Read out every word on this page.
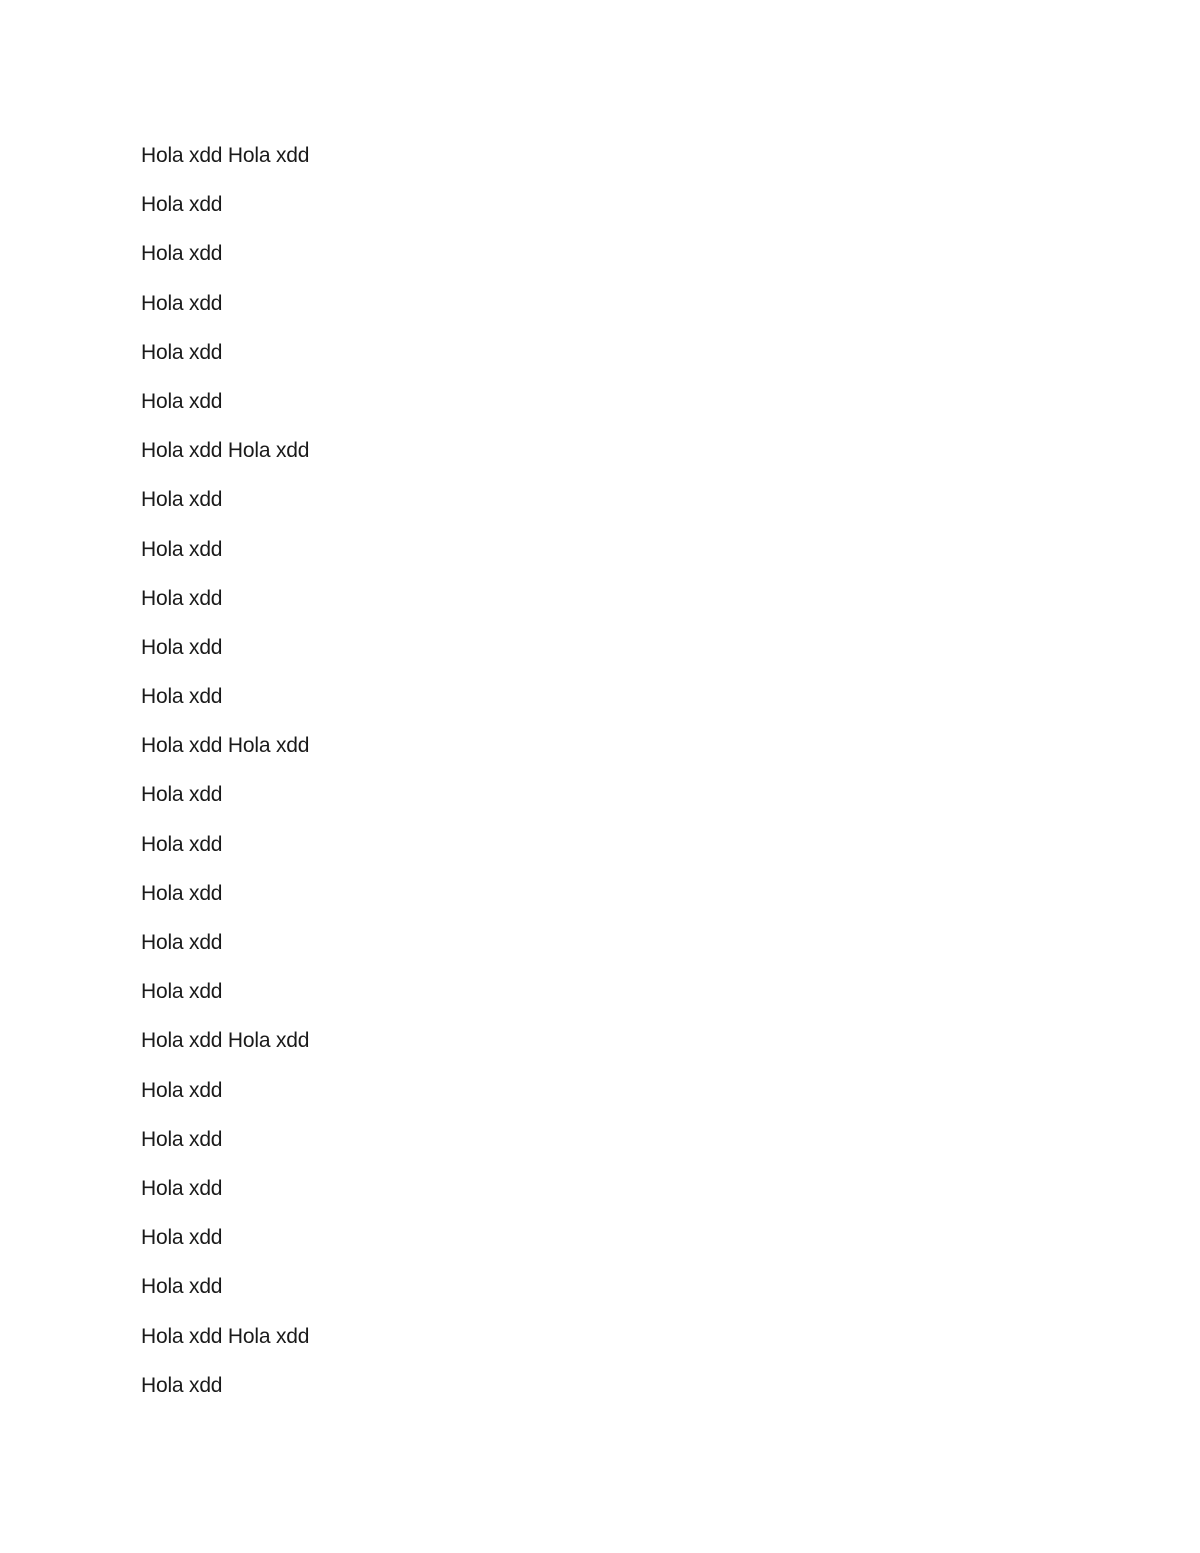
Hola xdd Hola xdd
Hola xdd
Hola xdd
Hola xdd
Hola xdd
Hola xdd
Hola xdd Hola xdd
Hola xdd
Hola xdd
Hola xdd
Hola xdd
Hola xdd
Hola xdd Hola xdd
Hola xdd
Hola xdd
Hola xdd
Hola xdd
Hola xdd
Hola xdd Hola xdd
Hola xdd
Hola xdd
Hola xdd
Hola xdd
Hola xdd
Hola xdd Hola xdd
Hola xdd
